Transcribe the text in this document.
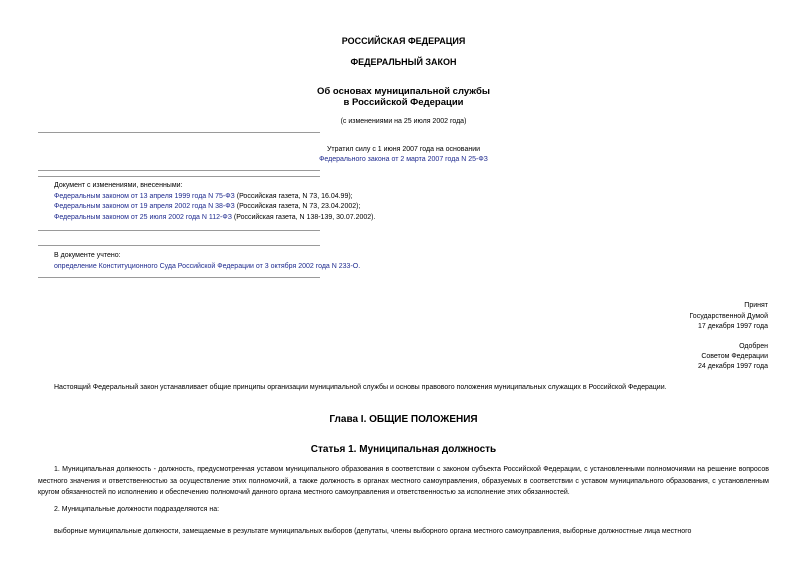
РОССИЙСКАЯ ФЕДЕРАЦИЯ
ФЕДЕРАЛЬНЫЙ ЗАКОН
Об основах муниципальной службы
в Российской Федерации
(с изменениями на 25 июля 2002 года)
Утратил силу с 1 июня 2007 года на основании
Федерального закона от 2 марта 2007 года N 25-ФЗ
Документ с изменениями, внесенными:
Федеральным законом от 13 апреля 1999 года N 75-ФЗ (Российская газета, N 73, 16.04.99);
Федеральным законом от 19 апреля 2002 года N 38-ФЗ (Российская газета, N 73, 23.04.2002);
Федеральным законом от 25 июля 2002 года N 112-ФЗ (Российская газета, N 138-139, 30.07.2002).
В документе учтено:
определение Конституционного Суда Российской Федерации от 3 октября 2002 года N 233-О.
Принят
Государственной Думой
17 декабря 1997 года
Одобрен
Советом Федерации
24 декабря 1997 года
Настоящий Федеральный закон устанавливает общие принципы организации муниципальной службы и основы правового положения муниципальных служащих в Российской Федерации.
Глава I. ОБЩИЕ ПОЛОЖЕНИЯ
Статья 1. Муниципальная должность
1. Муниципальная должность - должность, предусмотренная уставом муниципального образования в соответствии с законом субъекта Российской Федерации, с установленными полномочиями на решение вопросов местного значения и ответственностью за осуществление этих полномочий, а также должность в органах местного самоуправления, образуемых в соответствии с уставом муниципального образования, с установленным кругом обязанностей по исполнению и обеспечению полномочий данного органа местного самоуправления и ответственностью за исполнение этих обязанностей.
2. Муниципальные должности подразделяются на:
выборные муниципальные должности, замещаемые в результате муниципальных выборов (депутаты, члены выборного органа местного самоуправления, выборные должностные лица местного
